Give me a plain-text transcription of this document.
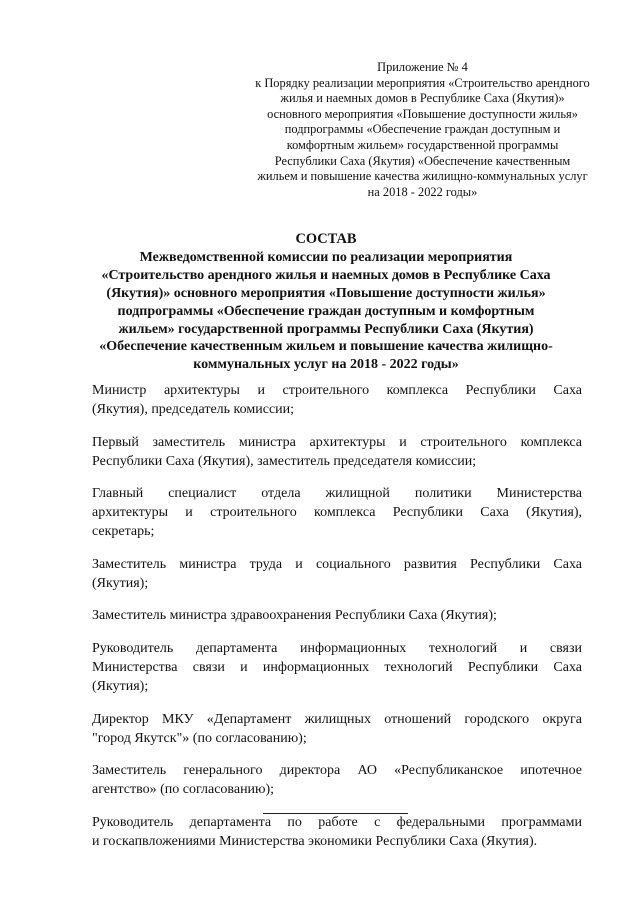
Приложение № 4
к Порядку реализации мероприятия «Строительство арендного
жилья и наемных домов в Республике Саха (Якутия)»
основного мероприятия «Повышение доступности жилья»
подпрограммы «Обеспечение граждан доступным и
комфортным жильем» государственной программы
Республики Саха (Якутия) «Обеспечение качественным
жильем и повышение качества жилищно-коммунальных услуг
на 2018 - 2022 годы»
СОСТАВ
Межведомственной комиссии по реализации мероприятия
«Строительство арендного жилья и наемных домов в Республике Саха
(Якутия)» основного мероприятия «Повышение доступности жилья»
подпрограммы «Обеспечение граждан доступным и комфортным
жильем» государственной программы Республики Саха (Якутия)
«Обеспечение качественным жильем и повышение качества жилищно-
коммунальных услуг на 2018 - 2022 годы»
Министр архитектуры и строительного комплекса Республики Саха
(Якутия), председатель комиссии;
Первый заместитель министра архитектуры и строительного комплекса
Республики Саха (Якутия), заместитель председателя комиссии;
Главный специалист отдела жилищной политики Министерства
архитектуры и строительного комплекса Республики Саха (Якутия),
секретарь;
Заместитель министра труда и социального развития Республики Саха
(Якутия);
Заместитель министра здравоохранения Республики Саха (Якутия);
Руководитель департамента информационных технологий и связи
Министерства связи и информационных технологий Республики Саха
(Якутия);
Директор МКУ «Департамент жилищных отношений городского округа
"город Якутск"» (по согласованию);
Заместитель генерального директора АО «Республиканское ипотечное
агентство» (по согласованию);
Руководитель департамента по работе с федеральными программами
и госкапвложениями Министерства экономики Республики Саха (Якутия).
